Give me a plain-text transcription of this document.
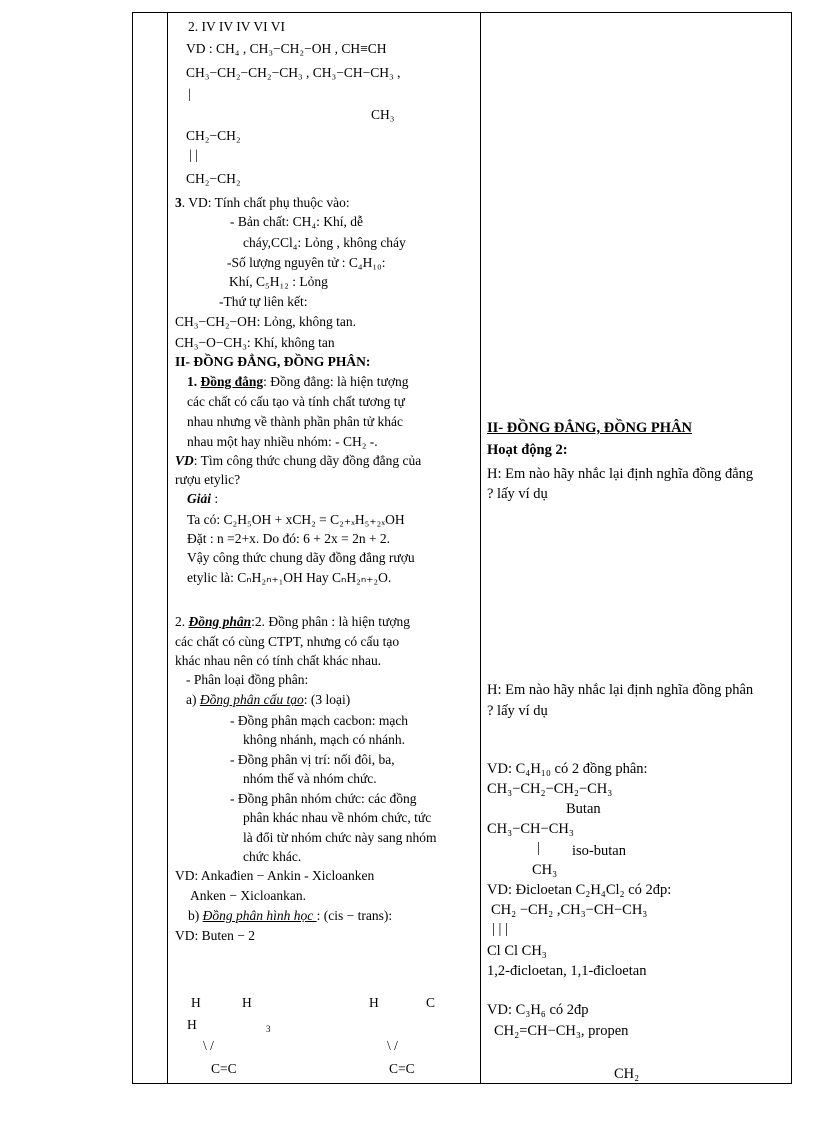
2. IV IV IV VI VI
VD : CH₄ , CH₃−CH₂−OH , CH≡CH
CH₃−CH₂−CH₂−CH₃ , CH₃−CH−CH₃ ,
|
CH₃
CH₂−CH₂
| |
CH₂−CH₂
3. VD: Tính chất phụ thuộc vào:
- Bản chất: CH₄: Khí, dễ
cháy,CCl₄: Lỏng , không cháy
-Số lượng nguyên tử : C₄H₁₀:
Khí, C₅H₁₂ : Lỏng
-Thứ tự liên kết:
CH₃−CH₂−OH: Lỏng, không tan.
CH₃−O−CH₃: Khí, không tan
II- ĐỒNG ĐẲNG, ĐỒNG PHÂN:
1. Đồng đẳng: Đồng đẳng: là hiện tượng
các chất có cấu tạo và tính chất tương tự
nhau nhưng về thành phần phân tử khác
nhau một hay nhiều nhóm: - CH₂ -.
VD: Tìm công thức chung dãy đồng đẳng của
rượu etylic?
Giải :
Ta có: C₂H₅OH + xCH₂ = C₂₊ₓH₅₊₂ₓOH
Đặt : n =2+x. Do đó: 6 + 2x = 2n + 2.
Vậy công thức chung dãy đồng đẳng rượu
etylic là: CₙH₂ₙ₊₁OH Hay CₙH₂ₙ₊₂O.
2. Đồng phân:2. Đồng phân : là hiện tượng
các chất có cùng CTPT, nhưng có cấu tạo
khác nhau nên có tính chất khác nhau.
- Phân loại đồng phân:
a) Đồng phân cấu tạo: (3 loại)
- Đồng phân mạch cacbon: mạch
không nhánh, mạch có nhánh.
- Đồng phân vị trí: nối đôi, ba,
nhóm thế và nhóm chức.
- Đồng phân nhóm chức: các đồng
phân khác nhau về nhóm chức, tức
là đổi từ nhóm chức này sang nhóm
chức khác.
VD: Ankađien − Ankin - Xicloanken
Anken − Xicloankan.
b) Đồng phân hình học : (cis − trans):
VD: Buten − 2
H	H	H	C
H	3
\ /	\ /
C=C	C=C
II- ĐỒNG ĐẲNG, ĐỒNG PHÂN
Hoạt động 2:
H: Em nào hãy nhắc lại định nghĩa đồng đẳng
? lấy ví dụ
H: Em nào hãy nhắc lại định nghĩa đồng phân
? lấy ví dụ
VD: C₄H₁₀ có 2 đồng phân:
CH₃−CH₂−CH₂−CH₃
Butan
CH₃−CH−CH₃
| iso-butan
CH₃
VD: Đicloetan C₂H₄Cl₂ có 2đp:
CH₂ −CH₂ ,CH₃−CH−CH₃
| | |
Cl Cl CH₃
1,2-đicloetan, 1,1-đicloetan
VD: C₃H₆ có 2đp
CH₂=CH−CH₃, propen
CH₂
